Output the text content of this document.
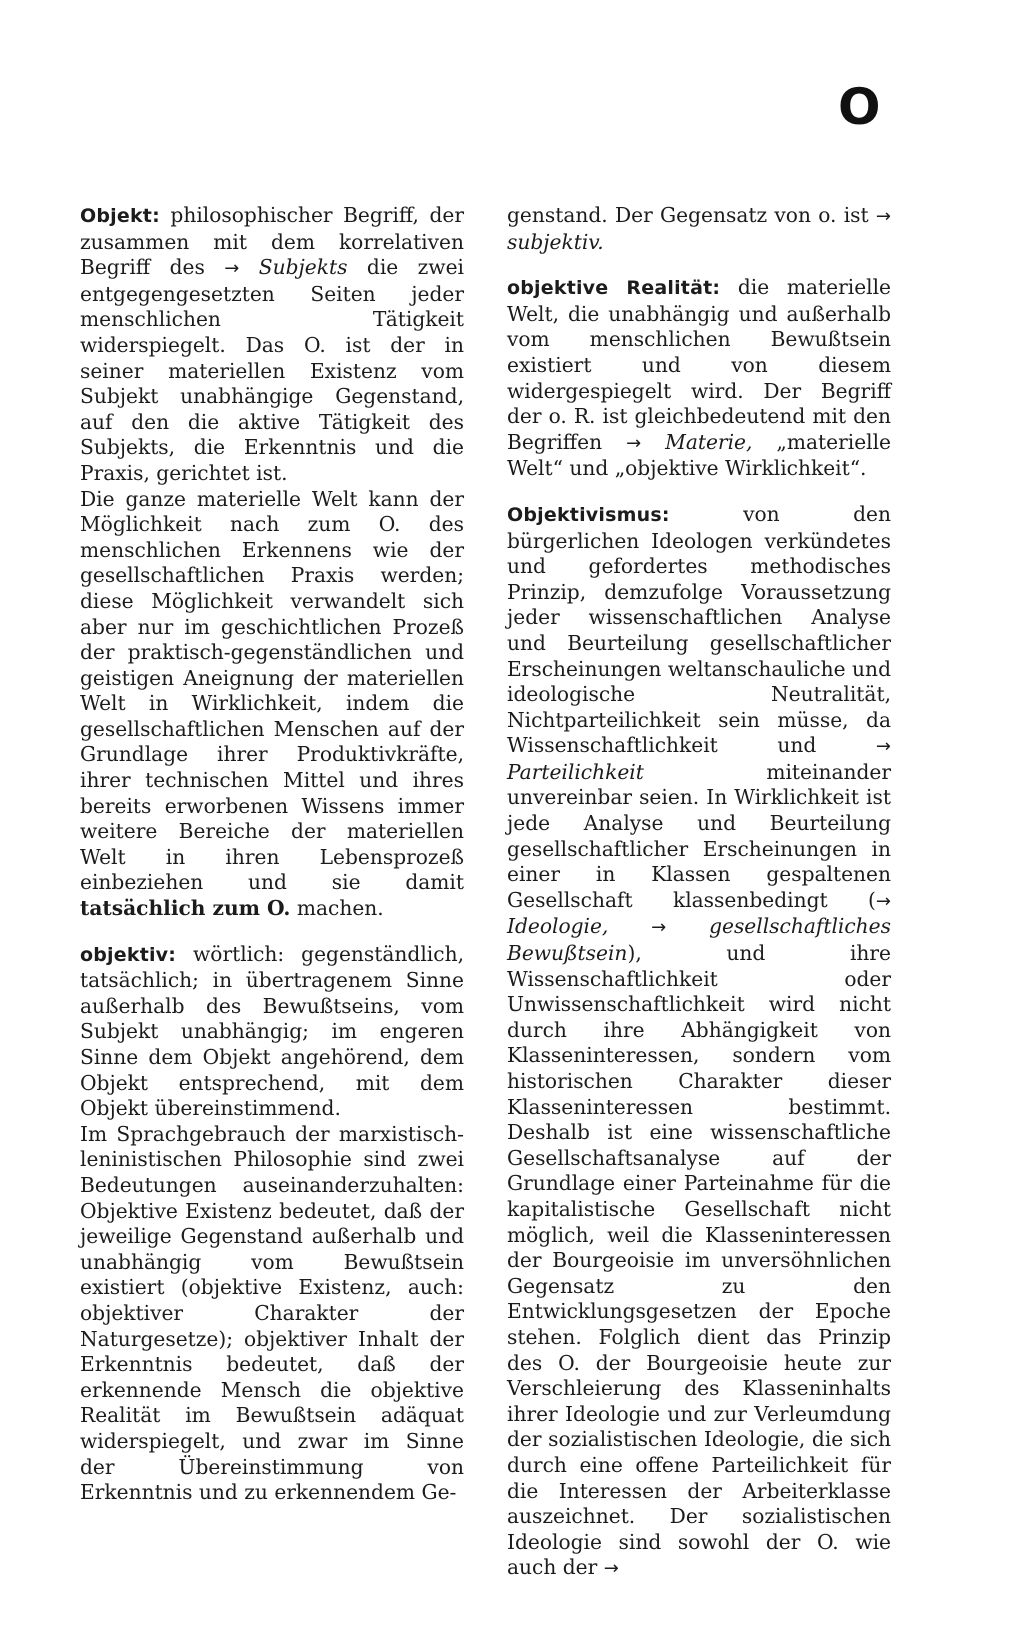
O

Objekt: philosophischer Begriff, der zusammen mit dem korrelativen Begriff des → Subjekts die zwei entgegengesetzten Seiten jeder menschlichen Tätigkeit widerspiegelt. Das O. ist der in seiner materiellen Existenz vom Subjekt unabhängige Gegenstand, auf den die aktive Tätigkeit des Subjekts, die Erkenntnis und die Praxis, gerichtet ist.

Die ganze materielle Welt kann der Möglichkeit nach zum O. des menschlichen Erkennens wie der gesellschaftlichen Praxis werden; diese Möglichkeit verwandelt sich aber nur im geschichtlichen Prozeß der praktisch-gegenständlichen und geistigen Aneignung der materiellen Welt in Wirklichkeit, indem die gesellschaftlichen Menschen auf der Grundlage ihrer Produktivkräfte, ihrer technischen Mittel und ihres bereits erworbenen Wissens immer weitere Bereiche der materiellen Welt in ihren Lebensprozeß einbeziehen und sie damit tatsächlich zum O. machen.

objektiv: wörtlich: gegenständlich, tatsächlich; in übertragenem Sinne außerhalb des Bewußtseins, vom Subjekt unabhängig; im engeren Sinne dem Objekt angehörend, dem Objekt entsprechend, mit dem Objekt übereinstimmend.

Im Sprachgebrauch der marxistisch-leninistischen Philosophie sind zwei Bedeutungen auseinanderzuhalten: Objektive Existenz bedeutet, daß der jeweilige Gegenstand außerhalb und unabhängig vom Bewußtsein existiert (objektive Existenz, auch: objektiver Charakter der Naturgesetze); objektiver Inhalt der Erkenntnis bedeutet, daß der erkennende Mensch die objektive Realität im Bewußtsein adäquat widerspiegelt, und zwar im Sinne der Übereinstimmung von Erkenntnis und zu erkennendem Ge-

genstand. Der Gegensatz von o. ist → subjektiv.

objektive Realität: die materielle Welt, die unabhängig und außerhalb vom menschlichen Bewußtsein existiert und von diesem widergespiegelt wird. Der Begriff der o. R. ist gleichbedeutend mit den Begriffen → Materie, „materielle Welt“ und „objektive Wirklichkeit“.

Objektivismus: von den bürgerlichen Ideologen verkündetes und gefordertes methodisches Prinzip, demzufolge Voraussetzung jeder wissenschaftlichen Analyse und Beurteilung gesellschaftlicher Erscheinungen weltanschauliche und ideologische Neutralität, Nichtparteilichkeit sein müsse, da Wissenschaftlichkeit und → Parteilichkeit miteinander unvereinbar seien. In Wirklichkeit ist jede Analyse und Beurteilung gesellschaftlicher Erscheinungen in einer in Klassen gespaltenen Gesellschaft klassenbedingt (→ Ideologie, → gesellschaftliches Bewußtsein), und ihre Wissenschaftlichkeit oder Unwissenschaftlichkeit wird nicht durch ihre Abhängigkeit von Klasseninteressen, sondern vom historischen Charakter dieser Klasseninteressen bestimmt. Deshalb ist eine wissenschaftliche Gesellschaftsanalyse auf der Grundlage einer Parteinahme für die kapitalistische Gesellschaft nicht möglich, weil die Klasseninteressen der Bourgeoisie im unversöhnlichen Gegensatz zu den Entwicklungsgesetzen der Epoche stehen. Folglich dient das Prinzip des O. der Bourgeoisie heute zur Verschleierung des Klasseninhalts ihrer Ideologie und zur Verleumdung der sozialistischen Ideologie, die sich durch eine offene Parteilichkeit für die Interessen der Arbeiterklasse auszeichnet. Der sozialistischen Ideologie sind sowohl der O. wie auch der →
